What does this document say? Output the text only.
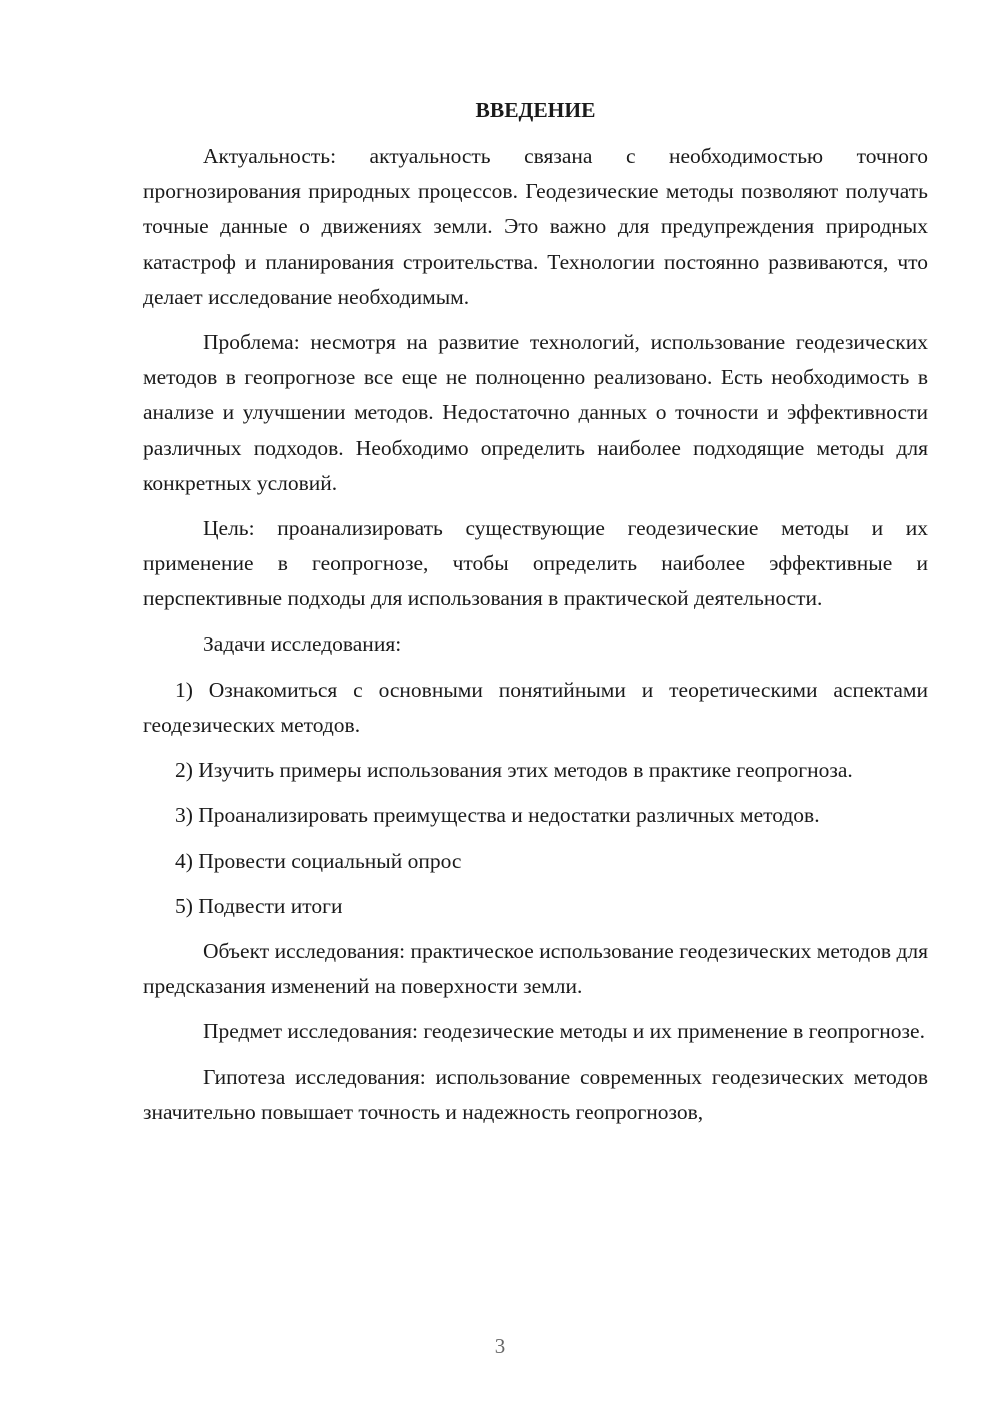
ВВЕДЕНИЕ

Актуальность: актуальность связана с необходимостью точного прогнозирования природных процессов. Геодезические методы позволяют получать точные данные о движениях земли. Это важно для предупреждения природных катастроф и планирования строительства. Технологии постоянно развиваются, что делает исследование необходимым.

Проблема: несмотря на развитие технологий, использование геодезических методов в геопрогнозе все еще не полноценно реализовано. Есть необходимость в анализе и улучшении методов. Недостаточно данных о точности и эффективности различных подходов. Необходимо определить наиболее подходящие методы для конкретных условий.

Цель: проанализировать существующие геодезические методы и их применение в геопрогнозе, чтобы определить наиболее эффективные и перспективные подходы для использования в практической деятельности.

Задачи исследования:

1) Ознакомиться с основными понятийными и теоретическими аспектами геодезических методов.

2) Изучить примеры использования этих методов в практике геопрогноза.

3) Проанализировать преимущества и недостатки различных методов.

4) Провести социальный опрос

5) Подвести итоги

Объект исследования: практическое использование геодезических методов для предсказания изменений на поверхности земли.

Предмет исследования: геодезические методы и их применение в геопрогнозе.

Гипотеза исследования: использование современных геодезических методов значительно повышает точность и надежность геопрогнозов,

3
